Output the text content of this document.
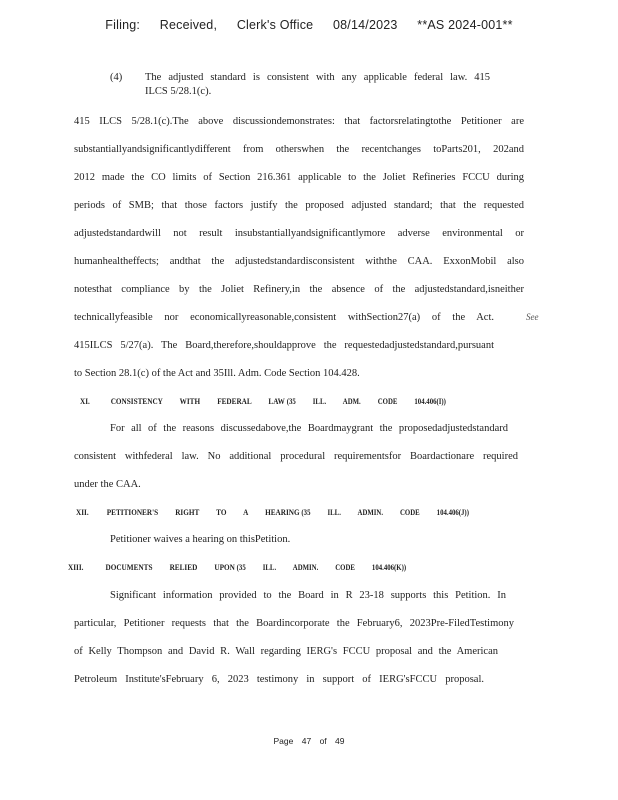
Filing: Received, Clerk's Office 08/14/2023 **AS 2024-001**
(4) The adjusted standard is consistent with any applicable federal law. 415
ILCS 5/28.1(c).
415 ILCS 5/28.1(c).The above discussiondemonstrates: that factorsrelatingtothe Petitioner are
substantiallyandsignificantlydifferent from otherswhen the recentchanges toParts201, 202and
2012 made the CO limits of Section 216.361 applicable to the Joliet Refineries FCCU during
periods of SMB; that those factors justify the proposed adjusted standard; that the requested
adjustedstandardwill not result insubstantiallyandsignificantlymore adverse environmental or
humanhealtheffects; andthat the adjustedstandardisconsistent withthe CAA. ExxonMobil also
notesthat compliance by the Joliet Refinery,in the absence of the adjustedstandard,isneither
technicallyfeasible nor economicallyreasonable,consistent withSection27(a) of the Act.	See
415ILCS 5/27(a). The Board,therefore,shouldapprove the requestedadjustedstandard,pursuant
to Section 28.1(c) of the Act and 35Ill. Adm. Code Section 104.428.
XI. CONSISTENCY WITH FEDERAL LAW (35 ILL. ADM. CODE 104.406(I))
For all of the reasons discussedabove,the Boardmaygrant the proposedadjustedstandard
consistent withfederal law. No additional procedural requirementsfor Boardactionare required
under the CAA.
XII. PETITIONER'S RIGHT TO A HEARING (35 ILL. ADMIN. CODE 104.406(J))
Petitioner waives a hearing on thisPetition.
XIII.	DOCUMENTS RELIED UPON (35 ILL. ADMIN. CODE 104.406(K))
Significant information provided to the Board in R 23-18 supports this Petition. In
particular, Petitioner requests that the Boardincorporate the February6, 2023Pre-FiledTestimony
of Kelly Thompson and David R. Wall regarding IERG's FCCU proposal and the American
Petroleum Institute'sFebruary 6, 2023 testimony in support of IERG'sFCCU proposal.
Page 47 of 49
